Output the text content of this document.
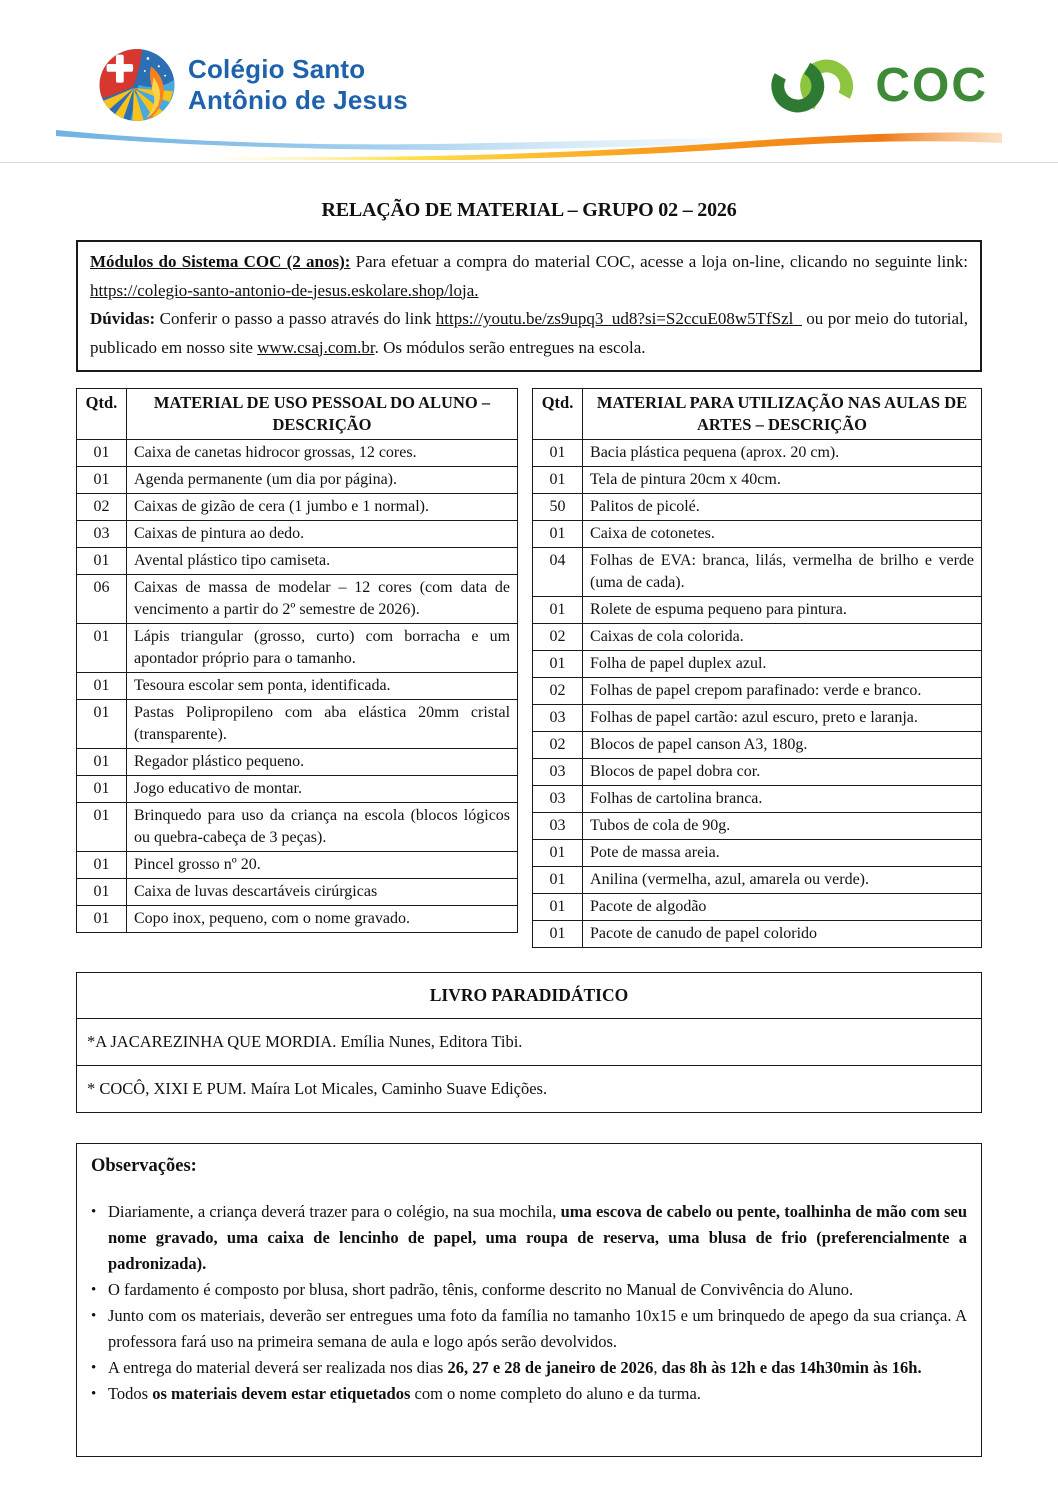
Colégio Santo
Antônio de Jesus	COC
RELAÇÃO DE MATERIAL – GRUPO 02 – 2026

Módulos do Sistema COC (2 anos): Para efetuar a compra do material COC, acesse a loja on-line, clicando no seguinte link: https://colegio-santo-antonio-de-jesus.eskolare.shop/loja.

Dúvidas: Conferir o passo a passo através do link https://youtu.be/zs9upq3_ud8?si=S2ccuE08w5TfSzl_ ou por meio do tutorial, publicado em nosso site www.csaj.com.br. Os módulos serão entregues na escola.

Qtd.	MATERIAL DE USO PESSOAL DO ALUNO – DESCRIÇÃO
01	Caixa de canetas hidrocor grossas, 12 cores.
01	Agenda permanente (um dia por página).
02	Caixas de gizão de cera (1 jumbo e 1 normal).
03	Caixas de pintura ao dedo.
01	Avental plástico tipo camiseta.
06	Caixas de massa de modelar – 12 cores (com data de vencimento a partir do 2º semestre de 2026).
01	Lápis triangular (grosso, curto) com borracha e um apontador próprio para o tamanho.
01	Tesoura escolar sem ponta, identificada.
01	Pastas Polipropileno com aba elástica 20mm cristal (transparente).
01	Regador plástico pequeno.
01	Jogo educativo de montar.
01	Brinquedo para uso da criança na escola (blocos lógicos ou quebra-cabeça de 3 peças).
01	Pincel grosso nº 20.
01	Caixa de luvas descartáveis cirúrgicas
01	Copo inox, pequeno, com o nome gravado.
Qtd.	MATERIAL PARA UTILIZAÇÃO NAS AULAS DE ARTES – DESCRIÇÃO
01	Bacia plástica pequena (aprox. 20 cm).
01	Tela de pintura 20cm x 40cm.
50	Palitos de picolé.
01	Caixa de cotonetes.
04	Folhas de EVA: branca, lilás, vermelha de brilho e verde (uma de cada).
01	Rolete de espuma pequeno para pintura.
02	Caixas de cola colorida.
01	Folha de papel duplex azul.
02	Folhas de papel crepom parafinado: verde e branco.
03	Folhas de papel cartão: azul escuro, preto e laranja.
02	Blocos de papel canson A3, 180g.
03	Blocos de papel dobra cor.
03	Folhas de cartolina branca.
03	Tubos de cola de 90g.
01	Pote de massa areia.
01	Anilina (vermelha, azul, amarela ou verde).
01	Pacote de algodão
01	Pacote de canudo de papel colorido
LIVRO PARADIDÁTICO
*A JACAREZINHA QUE MORDIA. Emília Nunes, Editora Tibi.
* COCÔ, XIXI E PUM. Maíra Lot Micales, Caminho Suave Edições.
Observações:
• Diariamente, a criança deverá trazer para o colégio, na sua mochila, uma escova de cabelo ou pente, toalhinha de mão com seu nome gravado, uma caixa de lencinho de papel, uma roupa de reserva, uma blusa de frio (preferencialmente a padronizada).
• O fardamento é composto por blusa, short padrão, tênis, conforme descrito no Manual de Convivência do Aluno.
• Junto com os materiais, deverão ser entregues uma foto da família no tamanho 10x15 e um brinquedo de apego da sua criança. A professora fará uso na primeira semana de aula e logo após serão devolvidos.
• A entrega do material deverá ser realizada nos dias 26, 27 e 28 de janeiro de 2026, das 8h às 12h e das 14h30min às 16h.
• Todos os materiais devem estar etiquetados com o nome completo do aluno e da turma.
